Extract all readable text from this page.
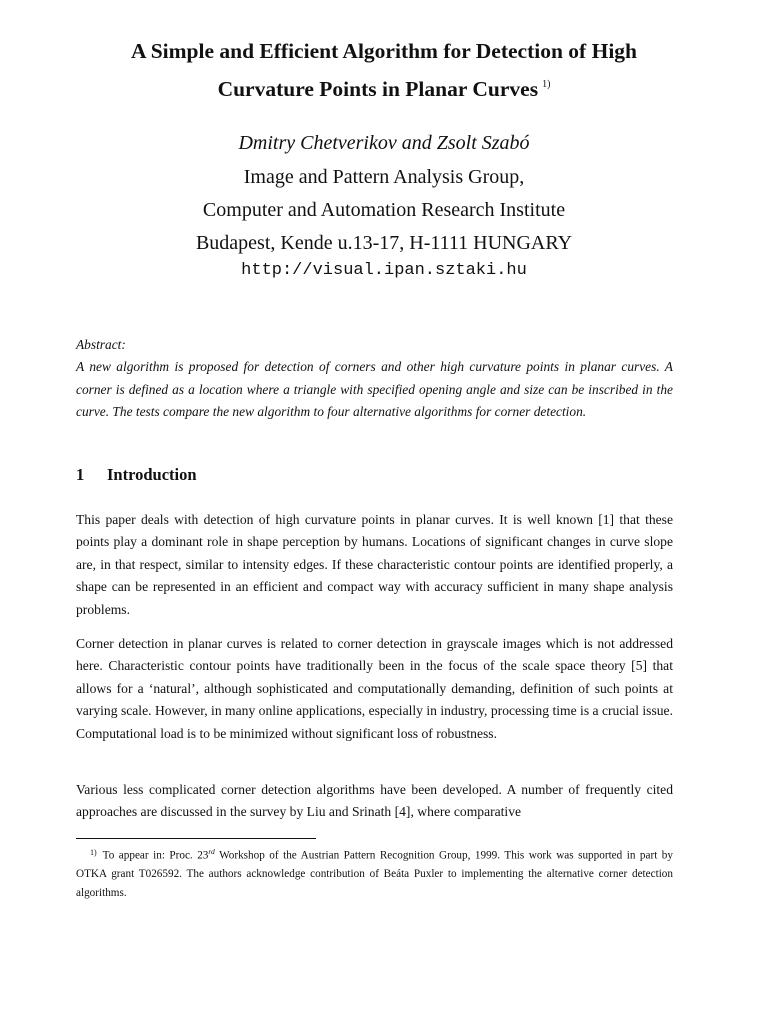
A Simple and Efficient Algorithm for Detection of High
Curvature Points in Planar Curves $^{1)}$
Dmitry Chetverikov and Zsolt Szabó
Image and Pattern Analysis Group,
Computer and Automation Research Institute
Budapest, Kende u.13-17, H-1111 HUNGARY
http://visual.ipan.sztaki.hu
Abstract:
A new algorithm is proposed for detection of corners and other high curvature points in planar curves. A corner is defined as a location where a triangle with specified opening angle and size can be inscribed in the curve. The tests compare the new algorithm to four alternative algorithms for corner detection.
1 Introduction

This paper deals with detection of high curvature points in planar curves. It is well known [1] that these points play a dominant role in shape perception by humans. Locations of significant changes in curve slope are, in that respect, similar to intensity edges. If these characteristic contour points are identified properly, a shape can be represented in an efficient and compact way with accuracy sufficient in many shape analysis problems.

Corner detection in planar curves is related to corner detection in grayscale images which is not addressed here. Characteristic contour points have traditionally been in the focus of the scale space theory [5] that allows for a ‘natural’, although sophisticated and computationally demanding, definition of such points at varying scale. However, in many online applications, especially in industry, processing time is a crucial issue. Computational load is to be minimized without significant loss of robustness.

Various less complicated corner detection algorithms have been developed. A number of frequently cited approaches are discussed in the survey by Liu and Srinath [4], where comparative

$^{1)}$ To appear in: Proc. 23rd Workshop of the Austrian Pattern Recognition Group, 1999. This work was supported in part by OTKA grant T026592. The authors acknowledge contribution of Beáta Puxler to implementing the alternative corner detection algorithms.
